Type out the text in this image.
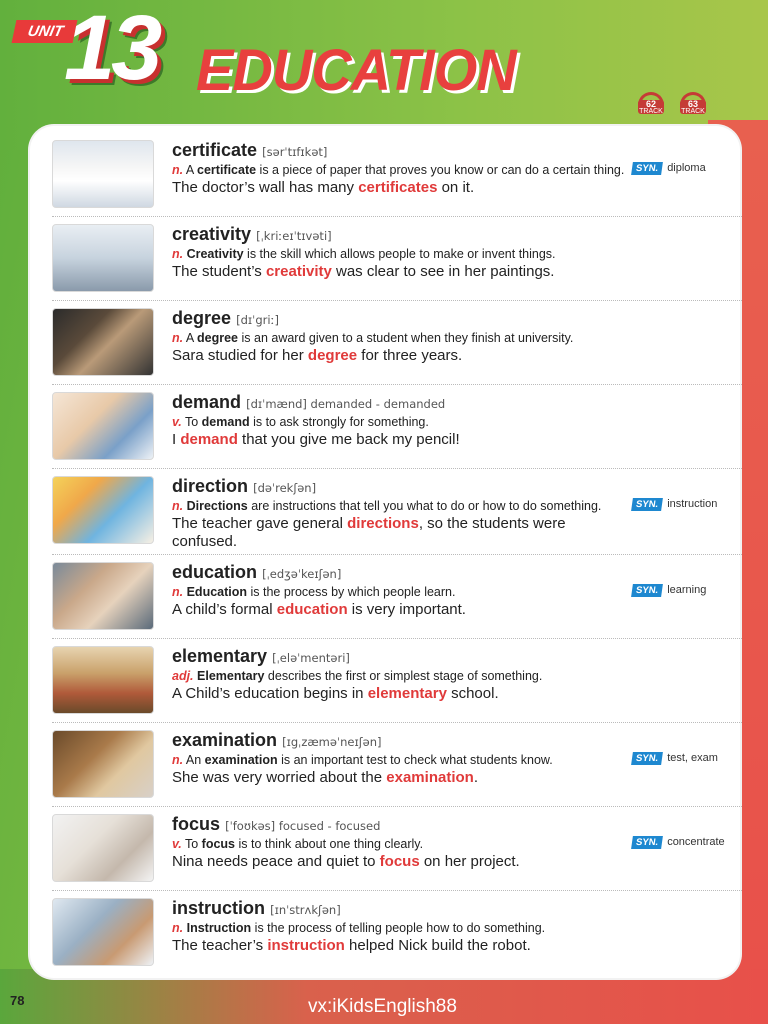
UNIT 13 EDUCATION
62
TRACK
63
TRACK
certificate [sərˈtɪfɪkət]
n. A certificate is a piece of paper that proves you know or can do a certain thing.
The doctor’s wall has many certificates on it.
SYN. diploma
creativity [ˌkriːeɪˈtɪvəti]
n. Creativity is the skill which allows people to make or invent things.
The student’s creativity was clear to see in her paintings.
degree [dɪˈgriː]
n. A degree is an award given to a student when they finish at university.
Sara studied for her degree for three years.
demand [dɪˈmænd] demanded - demanded
v. To demand is to ask strongly for something.
I demand that you give me back my pencil!
direction [dəˈrekʃən]
n. Directions are instructions that tell you what to do or how to do something.
The teacher gave general directions, so the students were confused.
SYN. instruction
education [ˌedʒəˈkeɪʃən]
n. Education is the process by which people learn.
A child’s formal education is very important.
SYN. learning
elementary [ˌeləˈmentəri]
adj. Elementary describes the first or simplest stage of something.
A Child’s education begins in elementary school.
examination [ɪgˌzæməˈneɪʃən]
n. An examination is an important test to check what students know.
She was very worried about the examination.
SYN. test, exam
focus [ˈfoʊkəs] focused - focused
v. To focus is to think about one thing clearly.
Nina needs peace and quiet to focus on her project.
SYN. concentrate
instruction [ɪnˈstrʌkʃən]
n. Instruction is the process of telling people how to do something.
The teacher’s instruction helped Nick build the robot.
78	vx:iKidsEnglish88
